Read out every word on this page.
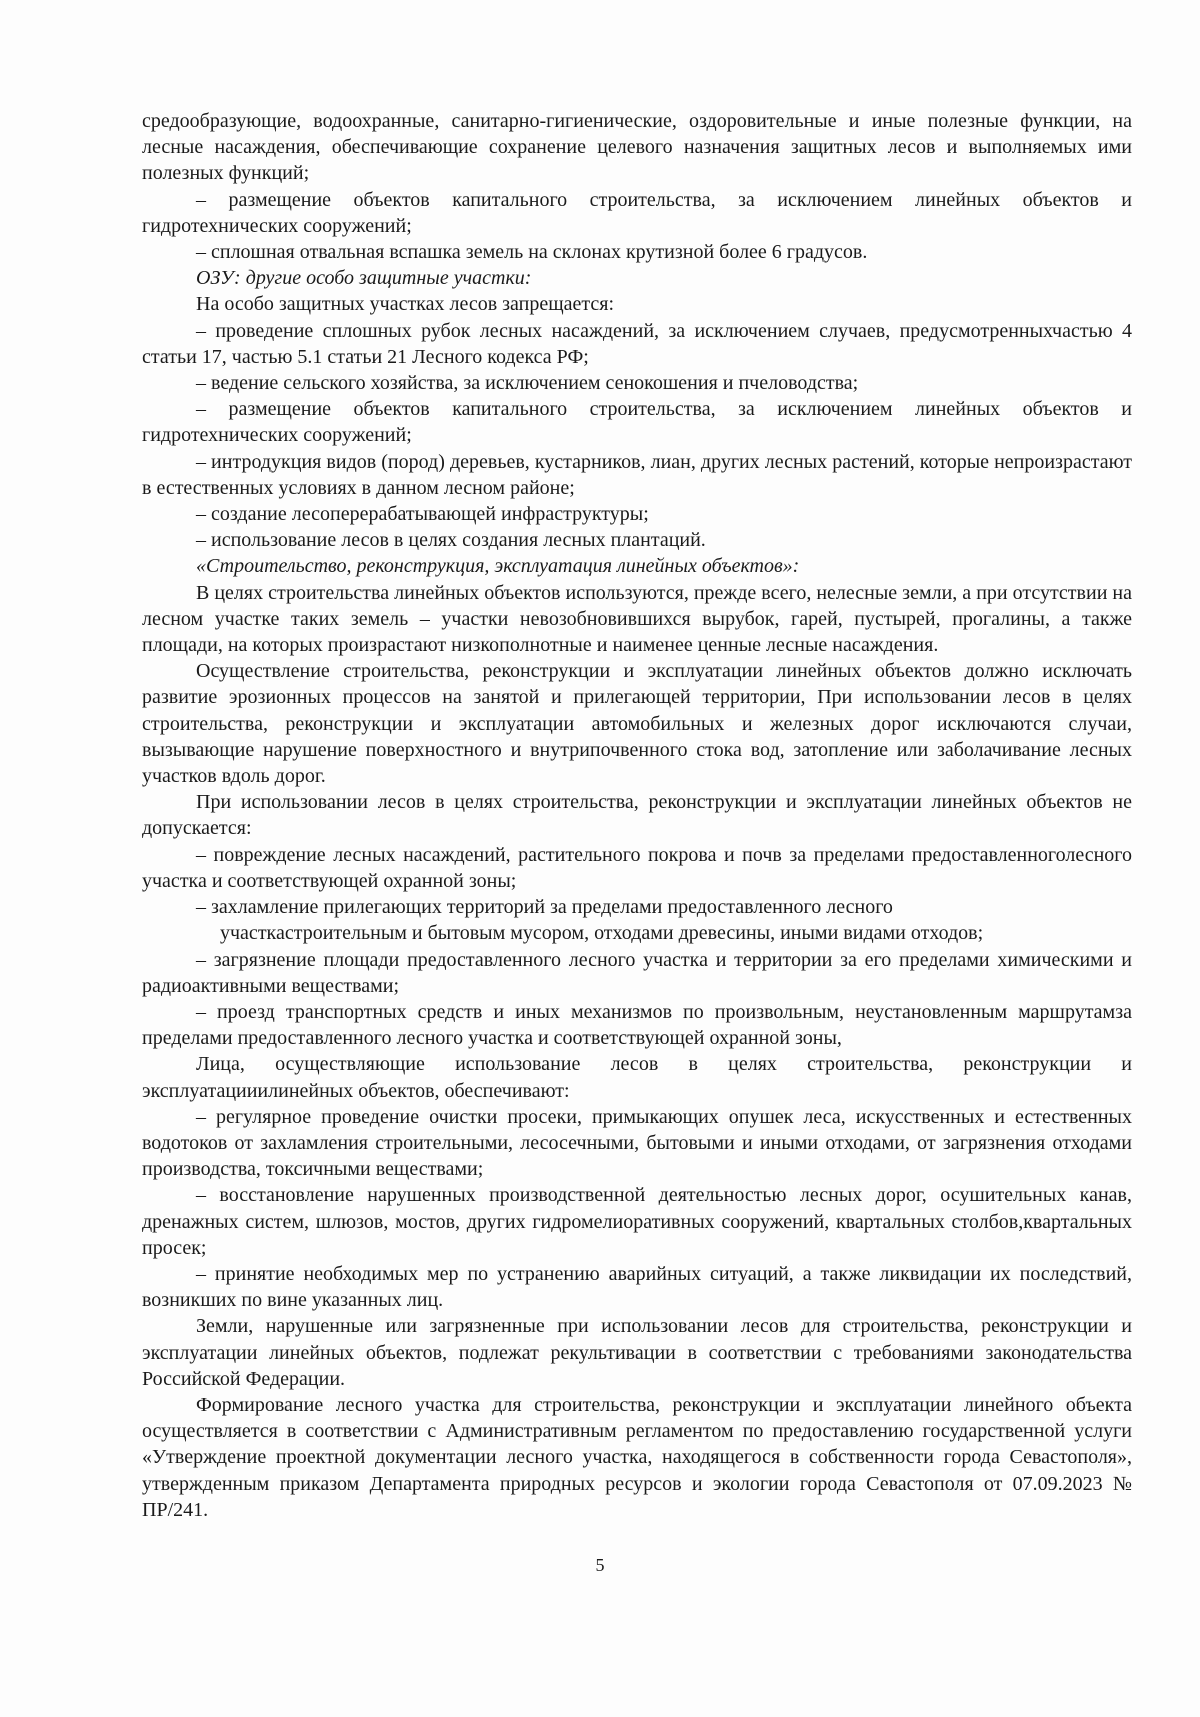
средообразующие, водоохранные, санитарно-гигиенические, оздоровительные и иные полезные функции, на лесные насаждения, обеспечивающие сохранение целевого назначения защитных лесов и выполняемых ими полезных функций;

– размещение объектов капитального строительства, за исключением линейных объектов и гидротехнических сооружений;

– сплошная отвальная вспашка земель на склонах крутизной более 6 градусов.

ОЗУ: другие особо защитные участки:

На особо защитных участках лесов запрещается:

– проведение сплошных рубок лесных насаждений, за исключением случаев, предусмотренныхчастью 4 статьи 17, частью 5.1 статьи 21 Лесного кодекса РФ;

– ведение сельского хозяйства, за исключением сенокошения и пчеловодства;

– размещение объектов капитального строительства, за исключением линейных объектов и гидротехнических сооружений;

– интродукция видов (пород) деревьев, кустарников, лиан, других лесных растений, которые непроизрастают в естественных условиях в данном лесном районе;

– создание лесоперерабатывающей инфраструктуры;

– использование лесов в целях создания лесных плантаций.

«Строительство, реконструкция, эксплуатация линейных объектов»:

В целях строительства линейных объектов используются, прежде всего, нелесные земли, а при отсутствии на лесном участке таких земель – участки невозобновившихся вырубок, гарей, пустырей, прогалины, а также площади, на которых произрастают низкополнотные и наименее ценные лесные насаждения.

Осуществление строительства, реконструкции и эксплуатации линейных объектов должно исключать развитие эрозионных процессов на занятой и прилегающей территории, При использовании лесов в целях строительства, реконструкции и эксплуатации автомобильных и железных дорог исключаются случаи, вызывающие нарушение поверхностного и внутрипочвенного стока вод, затопление или заболачивание лесных участков вдоль дорог.

При использовании лесов в целях строительства, реконструкции и эксплуатации линейных объектов не допускается:

– повреждение лесных насаждений, растительного покрова и почв за пределами предоставленноголесного участка и соответствующей охранной зоны;

– захламление прилегающих территорий за пределами предоставленного лесного

участкастроительным и бытовым мусором, отходами древесины, иными видами отходов;

– загрязнение площади предоставленного лесного участка и территории за его пределами химическими и радиоактивными веществами;

– проезд транспортных средств и иных механизмов по произвольным, неустановленным маршрутамза пределами предоставленного лесного участка и соответствующей охранной зоны,

Лица, осуществляющие использование лесов в целях строительства, реконструкции и эксплуатацииилинейных объектов, обеспечивают:

– регулярное проведение очистки просеки, примыкающих опушек леса, искусственных и естественных водотоков от захламления строительными, лесосечными, бытовыми и иными отходами, от загрязнения отходами производства, токсичными веществами;

– восстановление нарушенных производственной деятельностью лесных дорог, осушительных канав, дренажных систем, шлюзов, мостов, других гидромелиоративных сооружений, квартальных столбов,квартальных просек;

– принятие необходимых мер по устранению аварийных ситуаций, а также ликвидации их последствий, возникших по вине указанных лиц.

Земли, нарушенные или загрязненные при использовании лесов для строительства, реконструкции и эксплуатации линейных объектов, подлежат рекультивации в соответствии с требованиями законодательства Российской Федерации.

Формирование лесного участка для строительства, реконструкции и эксплуатации линейного объекта осуществляется в соответствии с Административным регламентом по предоставлению государственной услуги «Утверждение проектной документации лесного участка, находящегося в собственности города Севастополя», утвержденным приказом Департамента природных ресурсов и экологии города Севастополя от 07.09.2023 № ПР/241.

5
